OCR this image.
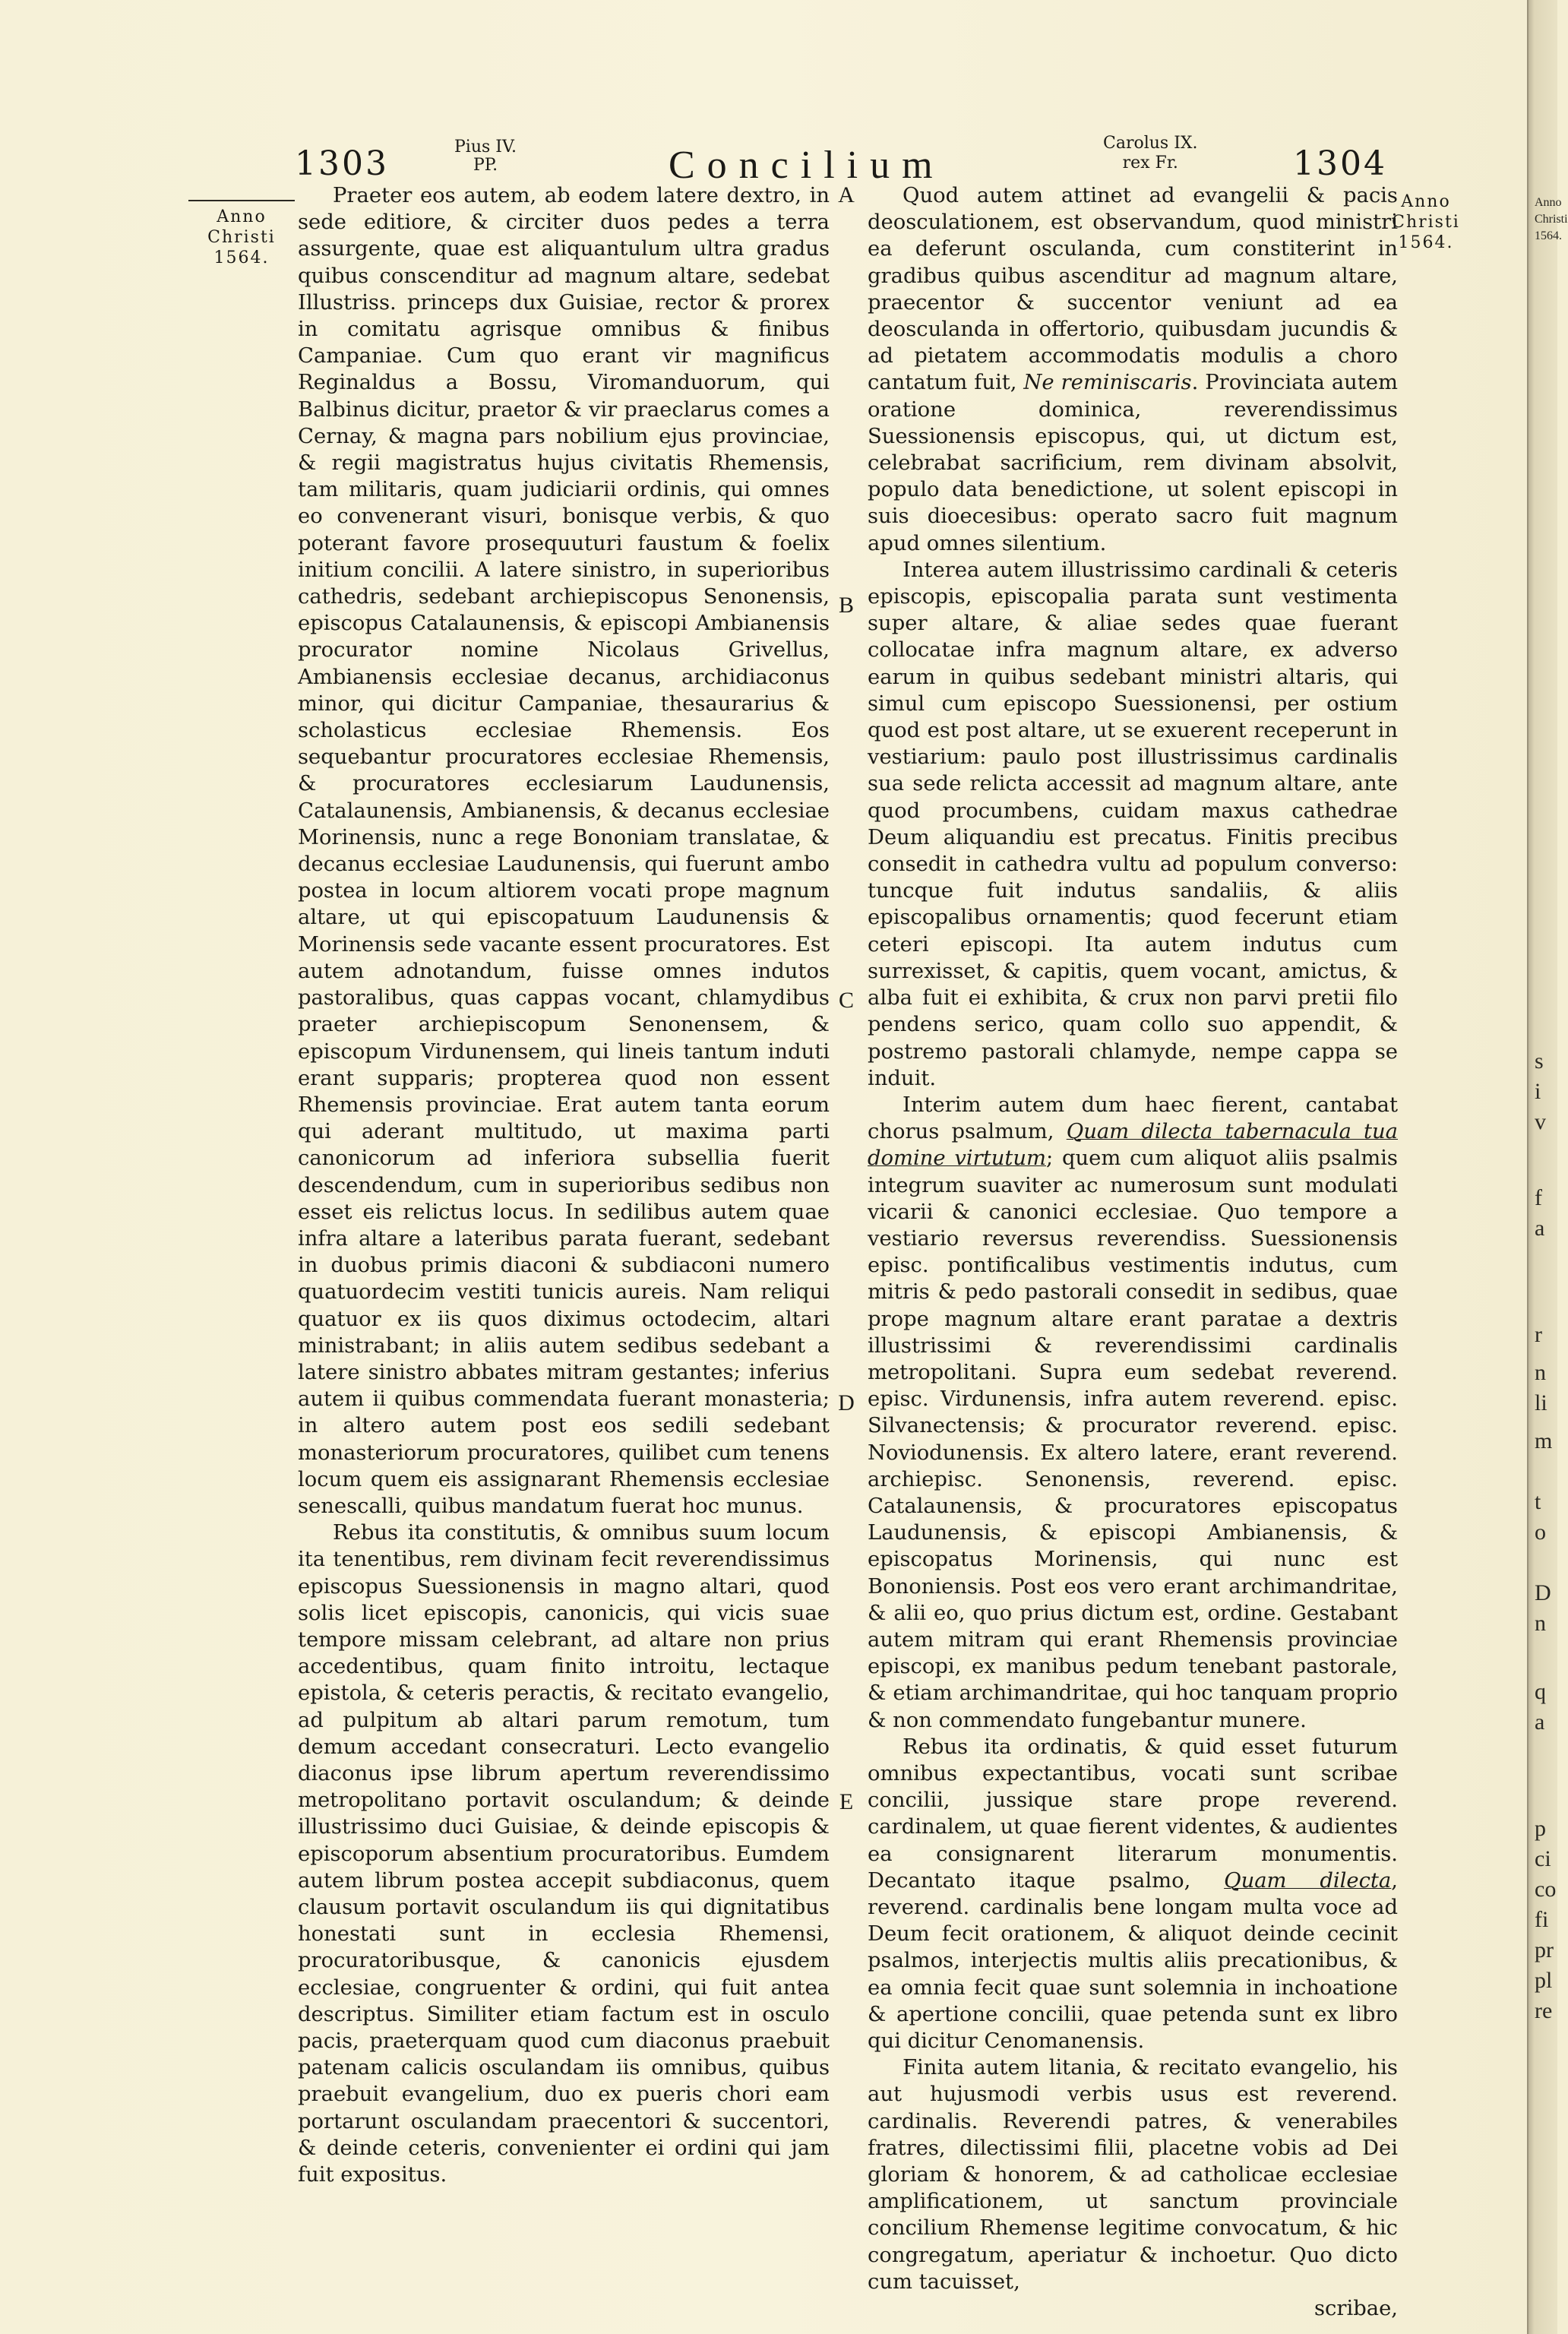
1303	Pius IV.
PP.	Concilium
Carolus IX.
rex Fr.	1304
Anno
Christi
1564.
Anno
Christi
1564.

Praeter eos autem, ab eodem latere dextro, in sede editiore, & circiter duos pedes a terra assurgente, quae est aliquantulum ultra gradus quibus conscenditur ad magnum altare, sedebat Illustriss. princeps dux Guisiae, rector & prorex in comitatu agrisque omnibus & finibus Campaniae. Cum quo erant vir magnificus Reginaldus a Bossu, Viromanduorum, qui Balbinus dicitur, praetor & vir praeclarus comes a Cernay, & magna pars nobilium ejus provinciae, & regii magistratus hujus civitatis Rhemensis, tam militaris, quam judiciarii ordinis, qui omnes eo convenerant visuri, bonisque verbis, & quo poterant favore prosequuturi faustum & foelix initium concilii. A latere sinistro, in superioribus cathedris, sedebant archiepiscopus Senonensis, episcopus Catalaunensis, & episcopi Ambianensis procurator nomine Nicolaus Grivellus, Ambianensis ecclesiae decanus, archidiaconus minor, qui dicitur Campaniae, thesaurarius & scholasticus ecclesiae Rhemensis. Eos sequebantur procuratores ecclesiae Rhemensis, & procuratores ecclesiarum Laudunensis, Catalaunensis, Ambianensis, & decanus ecclesiae Morinensis, nunc a rege Bononiam translatae, & decanus ecclesiae Laudunensis, qui fuerunt ambo postea in locum altiorem vocati prope magnum altare, ut qui episcopatuum Laudunensis & Morinensis sede vacante essent procuratores. Est autem adnotandum, fuisse omnes indutos pastoralibus, quas cappas vocant, chlamydibus praeter archiepiscopum Senonensem, & episcopum Virdunensem, qui lineis tantum induti erant supparis; propterea quod non essent Rhemensis provinciae. Erat autem tanta eorum qui aderant multitudo, ut maxima parti canonicorum ad inferiora subsellia fuerit descendendum, cum in superioribus sedibus non esset eis relictus locus. In sedilibus autem quae infra altare a lateribus parata fuerant, sedebant in duobus primis diaconi & subdiaconi numero quatuordecim vestiti tunicis aureis. Nam reliqui quatuor ex iis quos diximus octodecim, altari ministrabant; in aliis autem sedibus sedebant a latere sinistro abbates mitram gestantes; inferius autem ii quibus commendata fuerant monasteria; in altero autem post eos sedili sedebant monasteriorum procuratores, quilibet cum tenens locum quem eis assignarant Rhemensis ecclesiae senescalli, quibus mandatum fuerat hoc munus.

Rebus ita constitutis, & omnibus suum locum ita tenentibus, rem divinam fecit reverendissimus episcopus Suessionensis in magno altari, quod solis licet episcopis, canonicis, qui vicis suae tempore missam celebrant, ad altare non prius accedentibus, quam finito introitu, lectaque epistola, & ceteris peractis, & recitato evangelio, ad pulpitum ab altari parum remotum, tum demum accedant consecraturi. Lecto evangelio diaconus ipse librum apertum reverendissimo metropolitano portavit osculandum; & deinde illustrissimo duci Guisiae, & deinde episcopis & episcoporum absentium procuratoribus. Eumdem autem librum postea accepit subdiaconus, quem clausum portavit osculandum iis qui dignitatibus honestati sunt in ecclesia Rhemensi, procuratoribusque, & canonicis ejusdem ecclesiae, congruenter & ordini, qui fuit antea descriptus. Similiter etiam factum est in osculo pacis, praeterquam quod cum diaconus praebuit patenam calicis osculandam iis omnibus, quibus praebuit evangelium, duo ex pueris chori eam portarunt osculandam praecentori & succentori, & deinde ceteris, convenienter ei ordini qui jam fuit expositus.

A
B
C
D
E

Quod autem attinet ad evangelii & pacis deosculationem, est observandum, quod ministri ea deferunt osculanda, cum constiterint in gradibus quibus ascenditur ad magnum altare, praecentor & succentor veniunt ad ea deosculanda in offertorio, quibusdam jucundis & ad pietatem accommodatis modulis a choro cantatum fuit, Ne reminiscaris. Provinciata autem oratione dominica, reverendissimus Suessionensis episcopus, qui, ut dictum est, celebrabat sacrificium, rem divinam absolvit, populo data benedictione, ut solent episcopi in suis dioecesibus: operato sacro fuit magnum apud omnes silentium.

Interea autem illustrissimo cardinali & ceteris episcopis, episcopalia parata sunt vestimenta super altare, & aliae sedes quae fuerant collocatae infra magnum altare, ex adverso earum in quibus sedebant ministri altaris, qui simul cum episcopo Suessionensi, per ostium quod est post altare, ut se exuerent receperunt in vestiarium: paulo post illustrissimus cardinalis sua sede relicta accessit ad magnum altare, ante quod procumbens, cuidam maxus cathedrae Deum aliquandiu est precatus. Finitis precibus consedit in cathedra vultu ad populum converso: tuncque fuit indutus sandaliis, & aliis episcopalibus ornamentis; quod fecerunt etiam ceteri episcopi. Ita autem indutus cum surrexisset, & capitis, quem vocant, amictus, & alba fuit ei exhibita, & crux non parvi pretii filo pendens serico, quam collo suo appendit, & postremo pastorali chlamyde, nempe cappa se induit.

Interim autem dum haec fierent, cantabat chorus psalmum, Quam dilecta tabernacula tua domine virtutum; quem cum aliquot aliis psalmis integrum suaviter ac numerosum sunt modulati vicarii & canonici ecclesiae. Quo tempore a vestiario reversus reverendiss. Suessionensis episc. pontificalibus vestimentis indutus, cum mitris & pedo pastorali consedit in sedibus, quae prope magnum altare erant paratae a dextris illustrissimi & reverendissimi cardinalis metropolitani. Supra eum sedebat reverend. episc. Virdunensis, infra autem reverend. episc. Silvanectensis; & procurator reverend. episc. Noviodunensis. Ex altero latere, erant reverend. archiepisc. Senonensis, reverend. episc. Catalaunensis, & procuratores episcopatus Laudunensis, & episcopi Ambianensis, & episcopatus Morinensis, qui nunc est Bononiensis. Post eos vero erant archimandritae, & alii eo, quo prius dictum est, ordine. Gestabant autem mitram qui erant Rhemensis provinciae episcopi, ex manibus pedum tenebant pastorale, & etiam archimandritae, qui hoc tanquam proprio & non commendato fungebantur munere.

Rebus ita ordinatis, & quid esset futurum omnibus expectantibus, vocati sunt scribae concilii, jussique stare prope reverend. cardinalem, ut quae fierent videntes, & audientes ea consignarent literarum monumentis. Decantato itaque psalmo, Quam dilecta, reverend. cardinalis bene longam multa voce ad Deum fecit orationem, & aliquot deinde cecinit psalmos, interjectis multis aliis precationibus, & ea omnia fecit quae sunt solemnia in inchoatione & apertione concilii, quae petenda sunt ex libro qui dicitur Cenomanensis.

Finita autem litania, & recitato evangelio, his aut hujusmodi verbis usus est reverend. cardinalis. Reverendi patres, & venerabiles fratres, dilectissimi filii, placetne vobis ad Dei gloriam & honorem, & ad catholicae ecclesiae amplificationem, ut sanctum provinciale concilium Rhemense legitime convocatum, & hic congregatum, aperiatur & inchoetur. Quo dicto cum tacuisset,

scribae,

Anno
Christi
1564.
s
i
v
f
a
r
n
li
m
t
o
D
n
q
a
p
ci
co
fi
pr
pl
re
